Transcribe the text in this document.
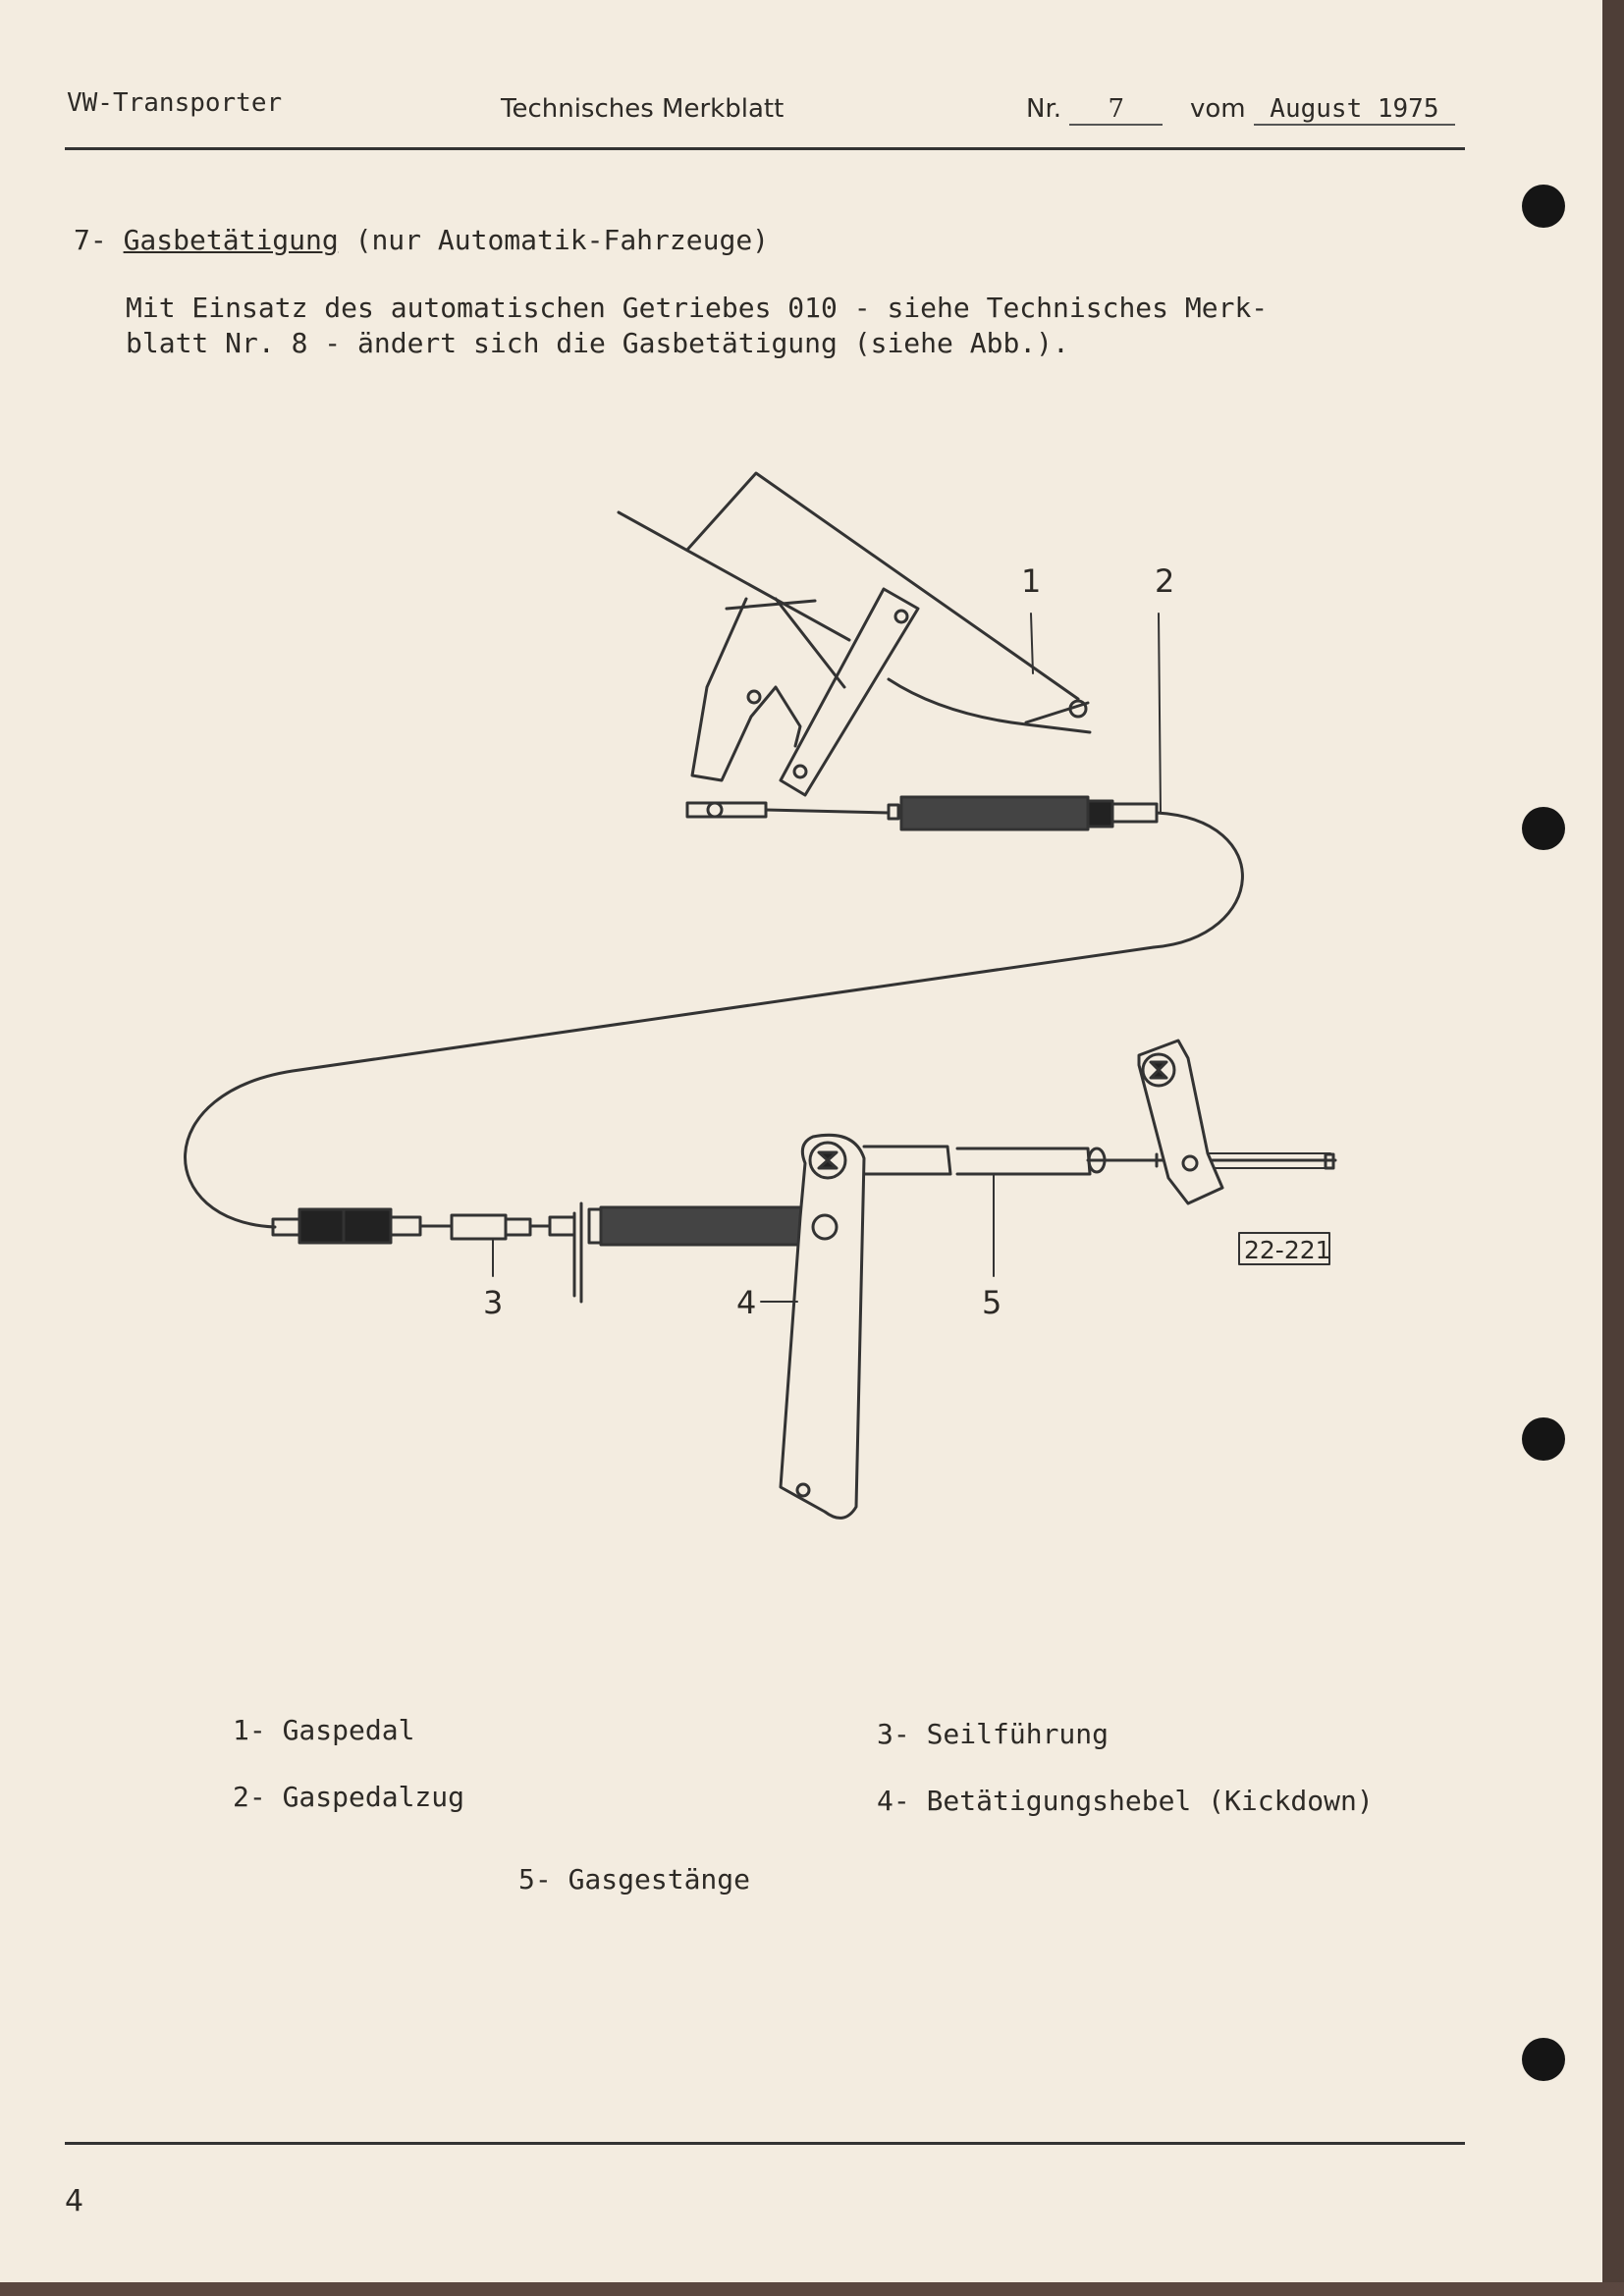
VW-Transporter	Technisches Merkblatt	Nr. 7	vom August 1975
7- Gasbetätigung (nur Automatik-Fahrzeuge)
Mit Einsatz des automatischen Getriebes 010 - siehe Technisches Merk-
blatt Nr. 8 - ändert sich die Gasbetätigung (siehe Abb.).
1	2
3	4	5
22-221
1- Gaspedal
2- Gaspedalzug
3- Seilführung
4- Betätigungshebel (Kickdown)
5- Gasgestänge
4
